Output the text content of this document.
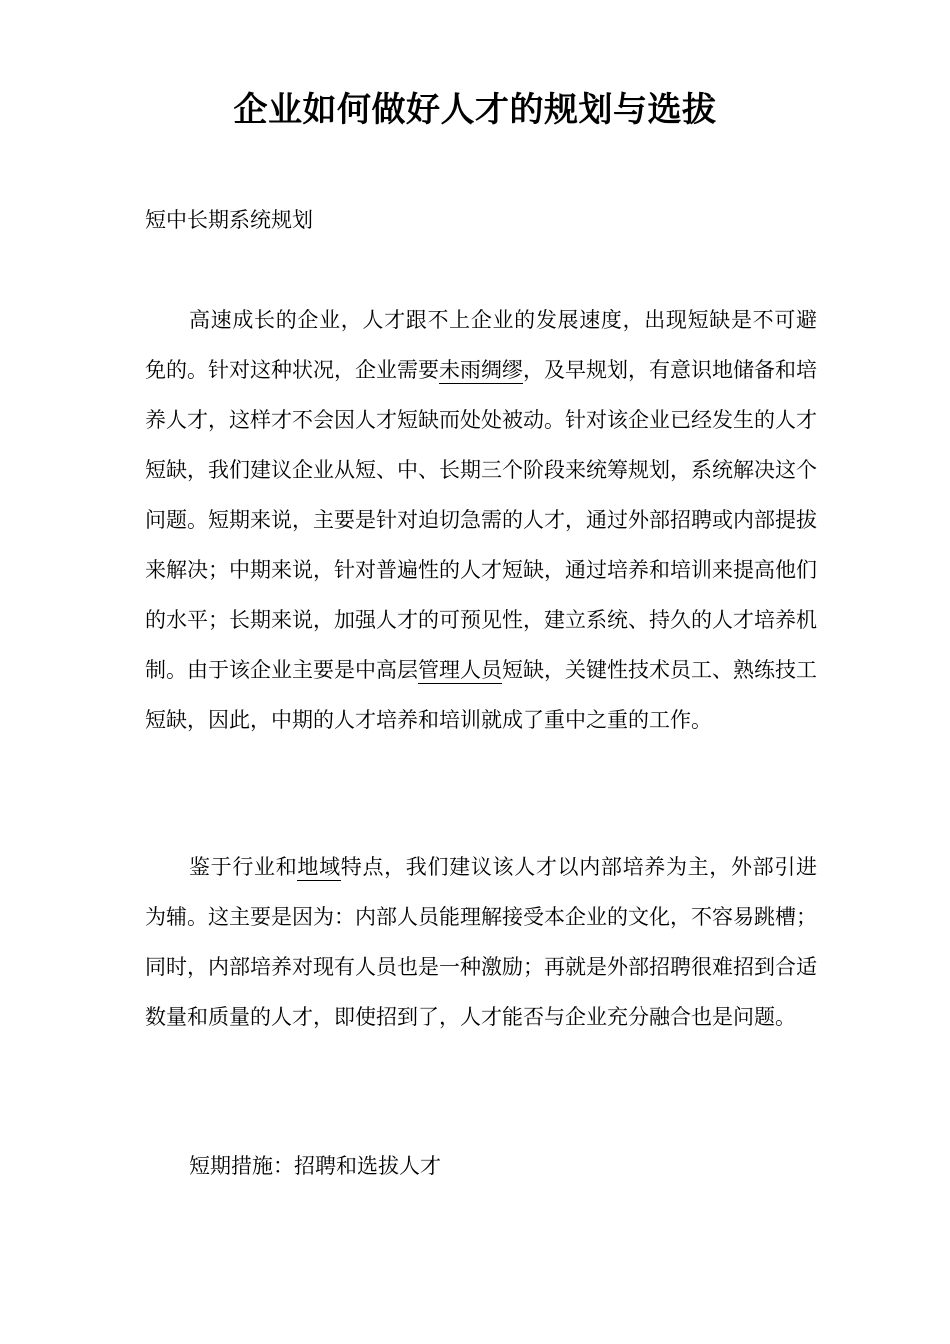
企业如何做好人才的规划与选拔
短中长期系统规划
高速成长的企业，人才跟不上企业的发展速度，出现短缺是不可避免的。针对这种状况，企业需要未雨绸缪，及早规划，有意识地储备和培养人才，这样才不会因人才短缺而处处被动。针对该企业已经发生的人才短缺，我们建议企业从短、中、长期三个阶段来统筹规划，系统解决这个问题。短期来说，主要是针对迫切急需的人才，通过外部招聘或内部提拔来解决；中期来说，针对普遍性的人才短缺，通过培养和培训来提高他们的水平；长期来说，加强人才的可预见性，建立系统、持久的人才培养机制。由于该企业主要是中高层管理人员短缺，关键性技术员工、熟练技工短缺，因此，中期的人才培养和培训就成了重中之重的工作。
鉴于行业和地域特点，我们建议该人才以内部培养为主，外部引进为辅。这主要是因为：内部人员能理解接受本企业的文化，不容易跳槽；同时，内部培养对现有人员也是一种激励；再就是外部招聘很难招到合适数量和质量的人才，即使招到了，人才能否与企业充分融合也是问题。
短期措施：招聘和选拔人才
